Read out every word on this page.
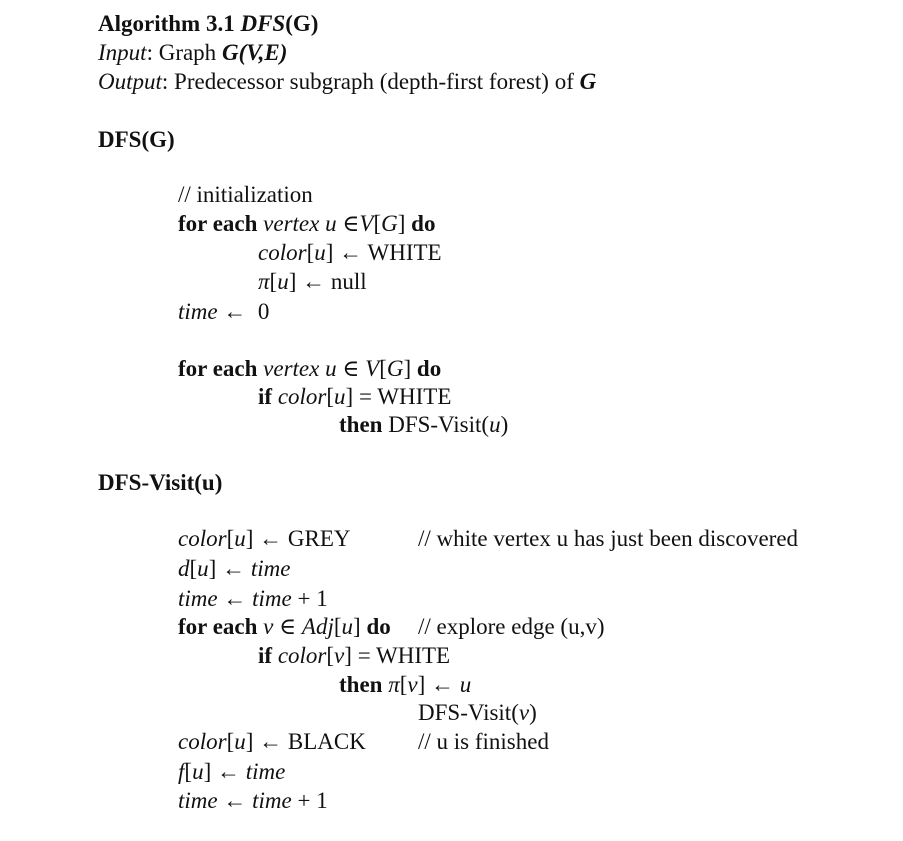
Algorithm 3.1 DFS(G)
Input: Graph G(V,E)
Output: Predecessor subgraph (depth-first forest) of G
DFS(G)
// initialization
for each vertex u ∈V[G] do
color[u] ← WHITE
π[u] ← null
time ← 0
for each vertex u ∈ V[G] do
if color[u] = WHITE
then DFS-Visit(u)
DFS-Visit(u)
color[u] ← GREY	// white vertex u has just been discovered
d[u] ← time
time ← time + 1
for each v ∈ Adj[u] do // explore edge (u,v)
if color[v] = WHITE
then π[v] ← u
DFS-Visit(v)
color[u] ← BLACK // u is finished
f[u] ← time
time ← time + 1
